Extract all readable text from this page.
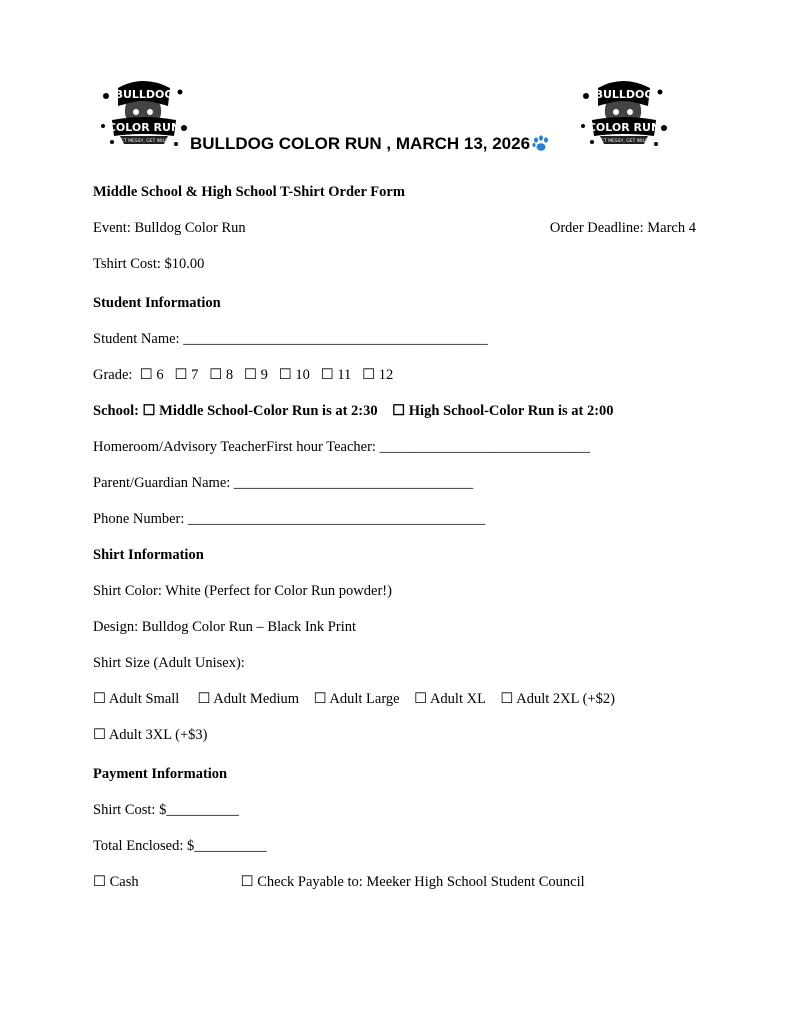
BULLDOG
COLOR RUN
GET MESSY, GET WILD!
BULLDOG
COLOR RUN
GET MESSY, GET WILD!
BULLDOG COLOR RUN , MARCH 13, 2026
Middle School & High School T-Shirt Order Form
Event: Bulldog Color Run	Order Deadline: March 4
Tshirt Cost: $10.00
Student Information
Student Name: __________________________________________
Grade: ☐ 6 ☐ 7 ☐ 8 ☐ 9 ☐ 10 ☐ 11 ☐ 12
School: ☐ Middle School-Color Run is at 2:30 ☐ High School-Color Run is at 2:00
Homeroom/Advisory TeacherFirst hour Teacher: _____________________________
Parent/Guardian Name: _________________________________
Phone Number: _________________________________________
Shirt Information
Shirt Color: White (Perfect for Color Run powder!)
Design: Bulldog Color Run – Black Ink Print
Shirt Size (Adult Unisex):
☐ Adult Small ☐ Adult Medium ☐ Adult Large ☐ Adult XL ☐ Adult 2XL (+$2)
☐ Adult 3XL (+$3)
Payment Information
Shirt Cost: $__________
Total Enclosed: $__________
☐ Cash	☐ Check Payable to: Meeker High School Student Council
